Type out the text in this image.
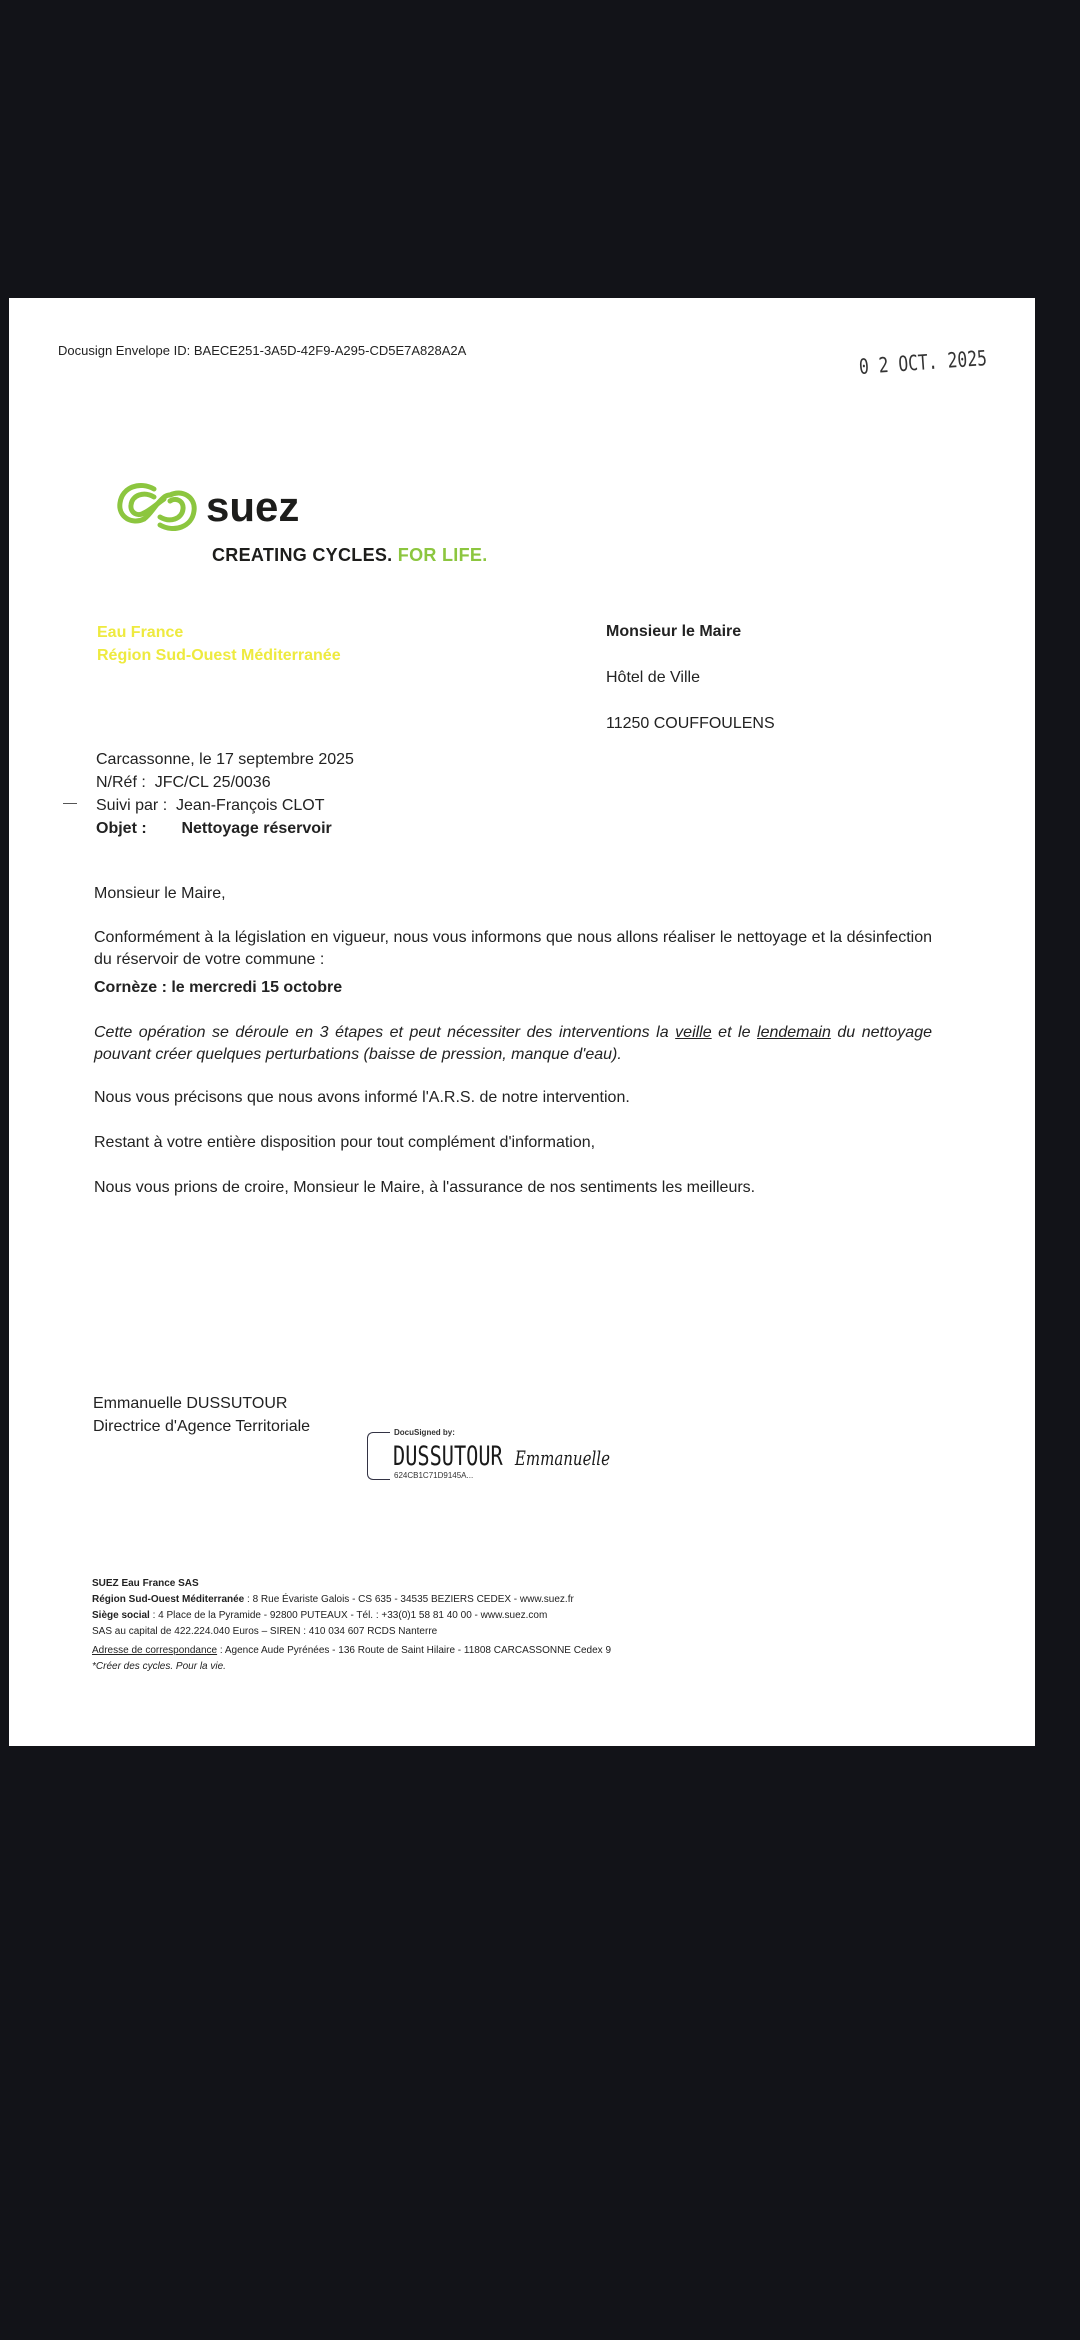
Docusign Envelope ID: BAECE251-3A5D-42F9-A295-CD5E7A828A2A	0 2 OCT. 2025
suez
CREATING CYCLES. FOR LIFE.
Eau France
Région Sud-Ouest Méditerranée
Monsieur le Maire
Hôtel de Ville
11250 COUFFOULENS
Carcassonne, le 17 septembre 2025
N/Réf : JFC/CL 25/0036
Suivi par : Jean-François CLOT
Objet : Nettoyage réservoir

Monsieur le Maire,

Conformément à la législation en vigueur, nous vous informons que nous allons réaliser le nettoyage et la désinfection du réservoir de votre commune :

Cornèze : le mercredi 15 octobre

Cette opération se déroule en 3 étapes et peut nécessiter des interventions la veille et le lendemain du nettoyage pouvant créer quelques perturbations (baisse de pression, manque d'eau).

Nous vous précisons que nous avons informé l'A.R.S. de notre intervention.

Restant à votre entière disposition pour tout complément d'information,

Nous vous prions de croire, Monsieur le Maire, à l'assurance de nos sentiments les meilleurs.

Emmanuelle DUSSUTOUR
Directrice d'Agence Territoriale	DocuSigned by:
DUSSUTOUR Emmanuelle
624CB1C71D9145A...
SUEZ Eau France SAS
Région Sud-Ouest Méditerranée : 8 Rue Évariste Galois - CS 635 - 34535 BEZIERS CEDEX - www.suez.fr
Siège social : 4 Place de la Pyramide - 92800 PUTEAUX - Tél. : +33(0)1 58 81 40 00 - www.suez.com
SAS au capital de 422.224.040 Euros – SIREN : 410 034 607 RCDS Nanterre
Adresse de correspondance : Agence Aude Pyrénées - 136 Route de Saint Hilaire - 11808 CARCASSONNE Cedex 9
*Créer des cycles. Pour la vie.
